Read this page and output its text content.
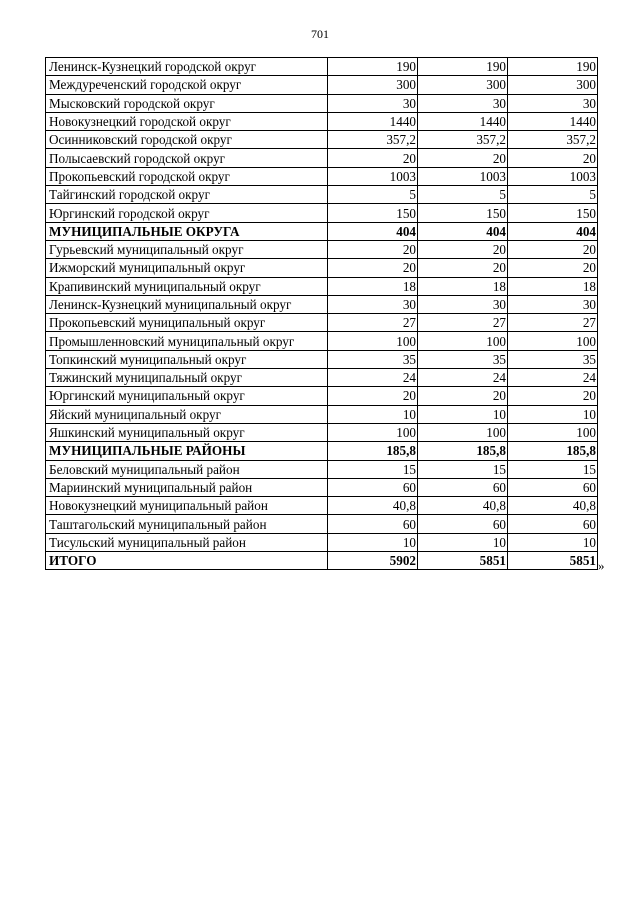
701
Ленинск-Кузнецкий городской округ	190	190	190
Междуреченский городской округ	300	300	300
Мысковский городской округ	30	30	30
Новокузнецкий городской округ	1440	1440	1440
Осинниковский городской округ	357,2	357,2	357,2
Полысаевский городской округ	20	20	20
Прокопьевский городской округ	1003	1003	1003
Тайгинский городской округ	5	5	5
Юргинский городской округ	150	150	150
МУНИЦИПАЛЬНЫЕ ОКРУГА	404	404	404
Гурьевский муниципальный округ	20	20	20
Ижморский муниципальный округ	20	20	20
Крапивинский муниципальный округ	18	18	18
Ленинск-Кузнецкий муниципальный округ	30	30	30
Прокопьевский муниципальный округ	27	27	27
Промышленновский муниципальный округ	100	100	100
Топкинский муниципальный округ	35	35	35
Тяжинский муниципальный округ	24	24	24
Юргинский муниципальный округ	20	20	20
Яйский муниципальный округ	10	10	10
Яшкинский муниципальный округ	100	100	100
МУНИЦИПАЛЬНЫЕ РАЙОНЫ	185,8	185,8	185,8
Беловский муниципальный район	15	15	15
Мариинский муниципальный район	60	60	60
Новокузнецкий муниципальный район	40,8	40,8	40,8
Таштагольский муниципальный район	60	60	60
Тисульский муниципальный район	10	10	10
ИТОГО	5902	5851	5851 »
